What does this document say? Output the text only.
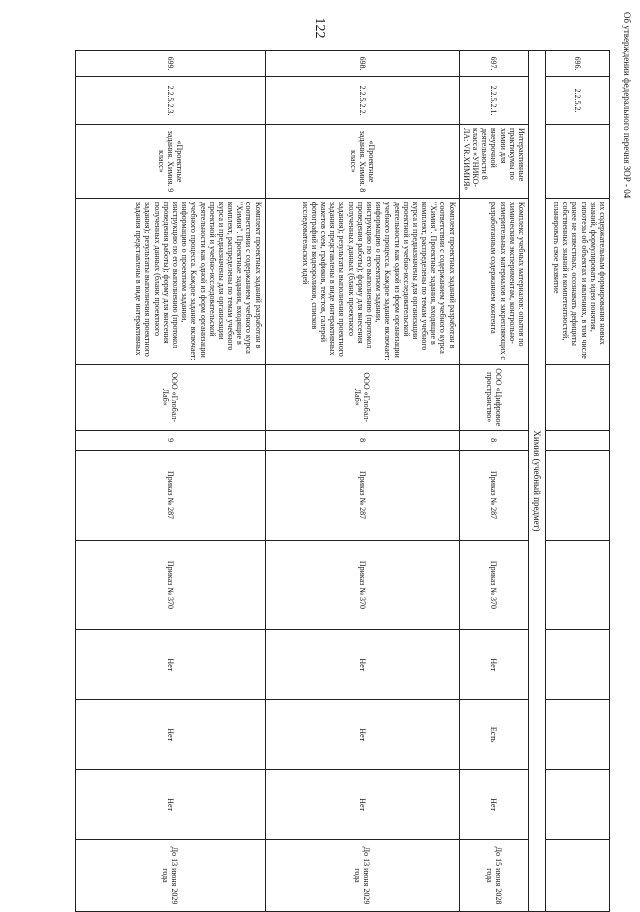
122
696.	2.2.5.2.		их содержательным формирования новых знаний, формулировать идеи понятия, гипотезы об объектах и явлениях, в том числе ранее не известных, осознавать дефициты собственных знаний и компетентностей, планировать свое развитие								
Химия (учебный предмет)											
697.	2.2.5.2.1.	Интерактивные практикумы по химии для внеурочной деятельности 8 класса «УНИКО-ЛА: VR.ХИМИЯ»	Комплекс учебных материалов: опытов по химическим экспериментам, контрольно-измерительных материалов и закрепляющих с разработанным содержанием контента	ООО «Цифровое пространство»	8	Приказ № 287	Приказ № 370	Нет	Есть	Нет	До 15 июня 2028 года
698.	2.2.5.2.2.	«Проектные задания. Химия. 8 класс»	Комплект проектных заданий разработан в соответствии с содержанием учебного курса "Химия". Проектные задания, входящие в комплект, распределены по темам учебного курса и предназначены для организации проектной и учебно-исследовательской деятельности как одной из форм организации учебного процесса. Каждое задание включает: информацию о проектном задании, инструкцию по его выполнению (протокол проведения работы); форму для внесения полученных данных (бланк проектного задания); результаты выполнения проектного задания представлены в виде интерактивных макетов схем, графиков, текстов, галерей фотографий и видеороликов, списков исследовательских идей	ООО «Глобал-Лаб»	8	Приказ № 287	Приказ № 370	Нет	Нет	Нет	До 13 июня 2029 года
699.	2.2.5.2.3.	«Проектные задания. Химия. 9 класс»	Комплект проектных заданий разработан в соответствии с содержанием учебного курса "Химия". Проектные задания, входящие в комплект, распределены по темам учебного курса и предназначены для организации проектной и учебно-исследовательской деятельности как одной из форм организации учебного процесса. Каждое задание включает: информацию о проектном задании, инструкцию по его выполнению (протокол проведения работы); форму для внесения полученных данных (бланк проектного задания); результаты выполнения проектного задания представлены в виде интерактивных	ООО «Глобал-Лаб»	9	Приказ № 287	Приказ № 370	Нет	Нет	Нет	До 13 июня 2029 года
Об утверждении федерального перечня ЗОР - 04
